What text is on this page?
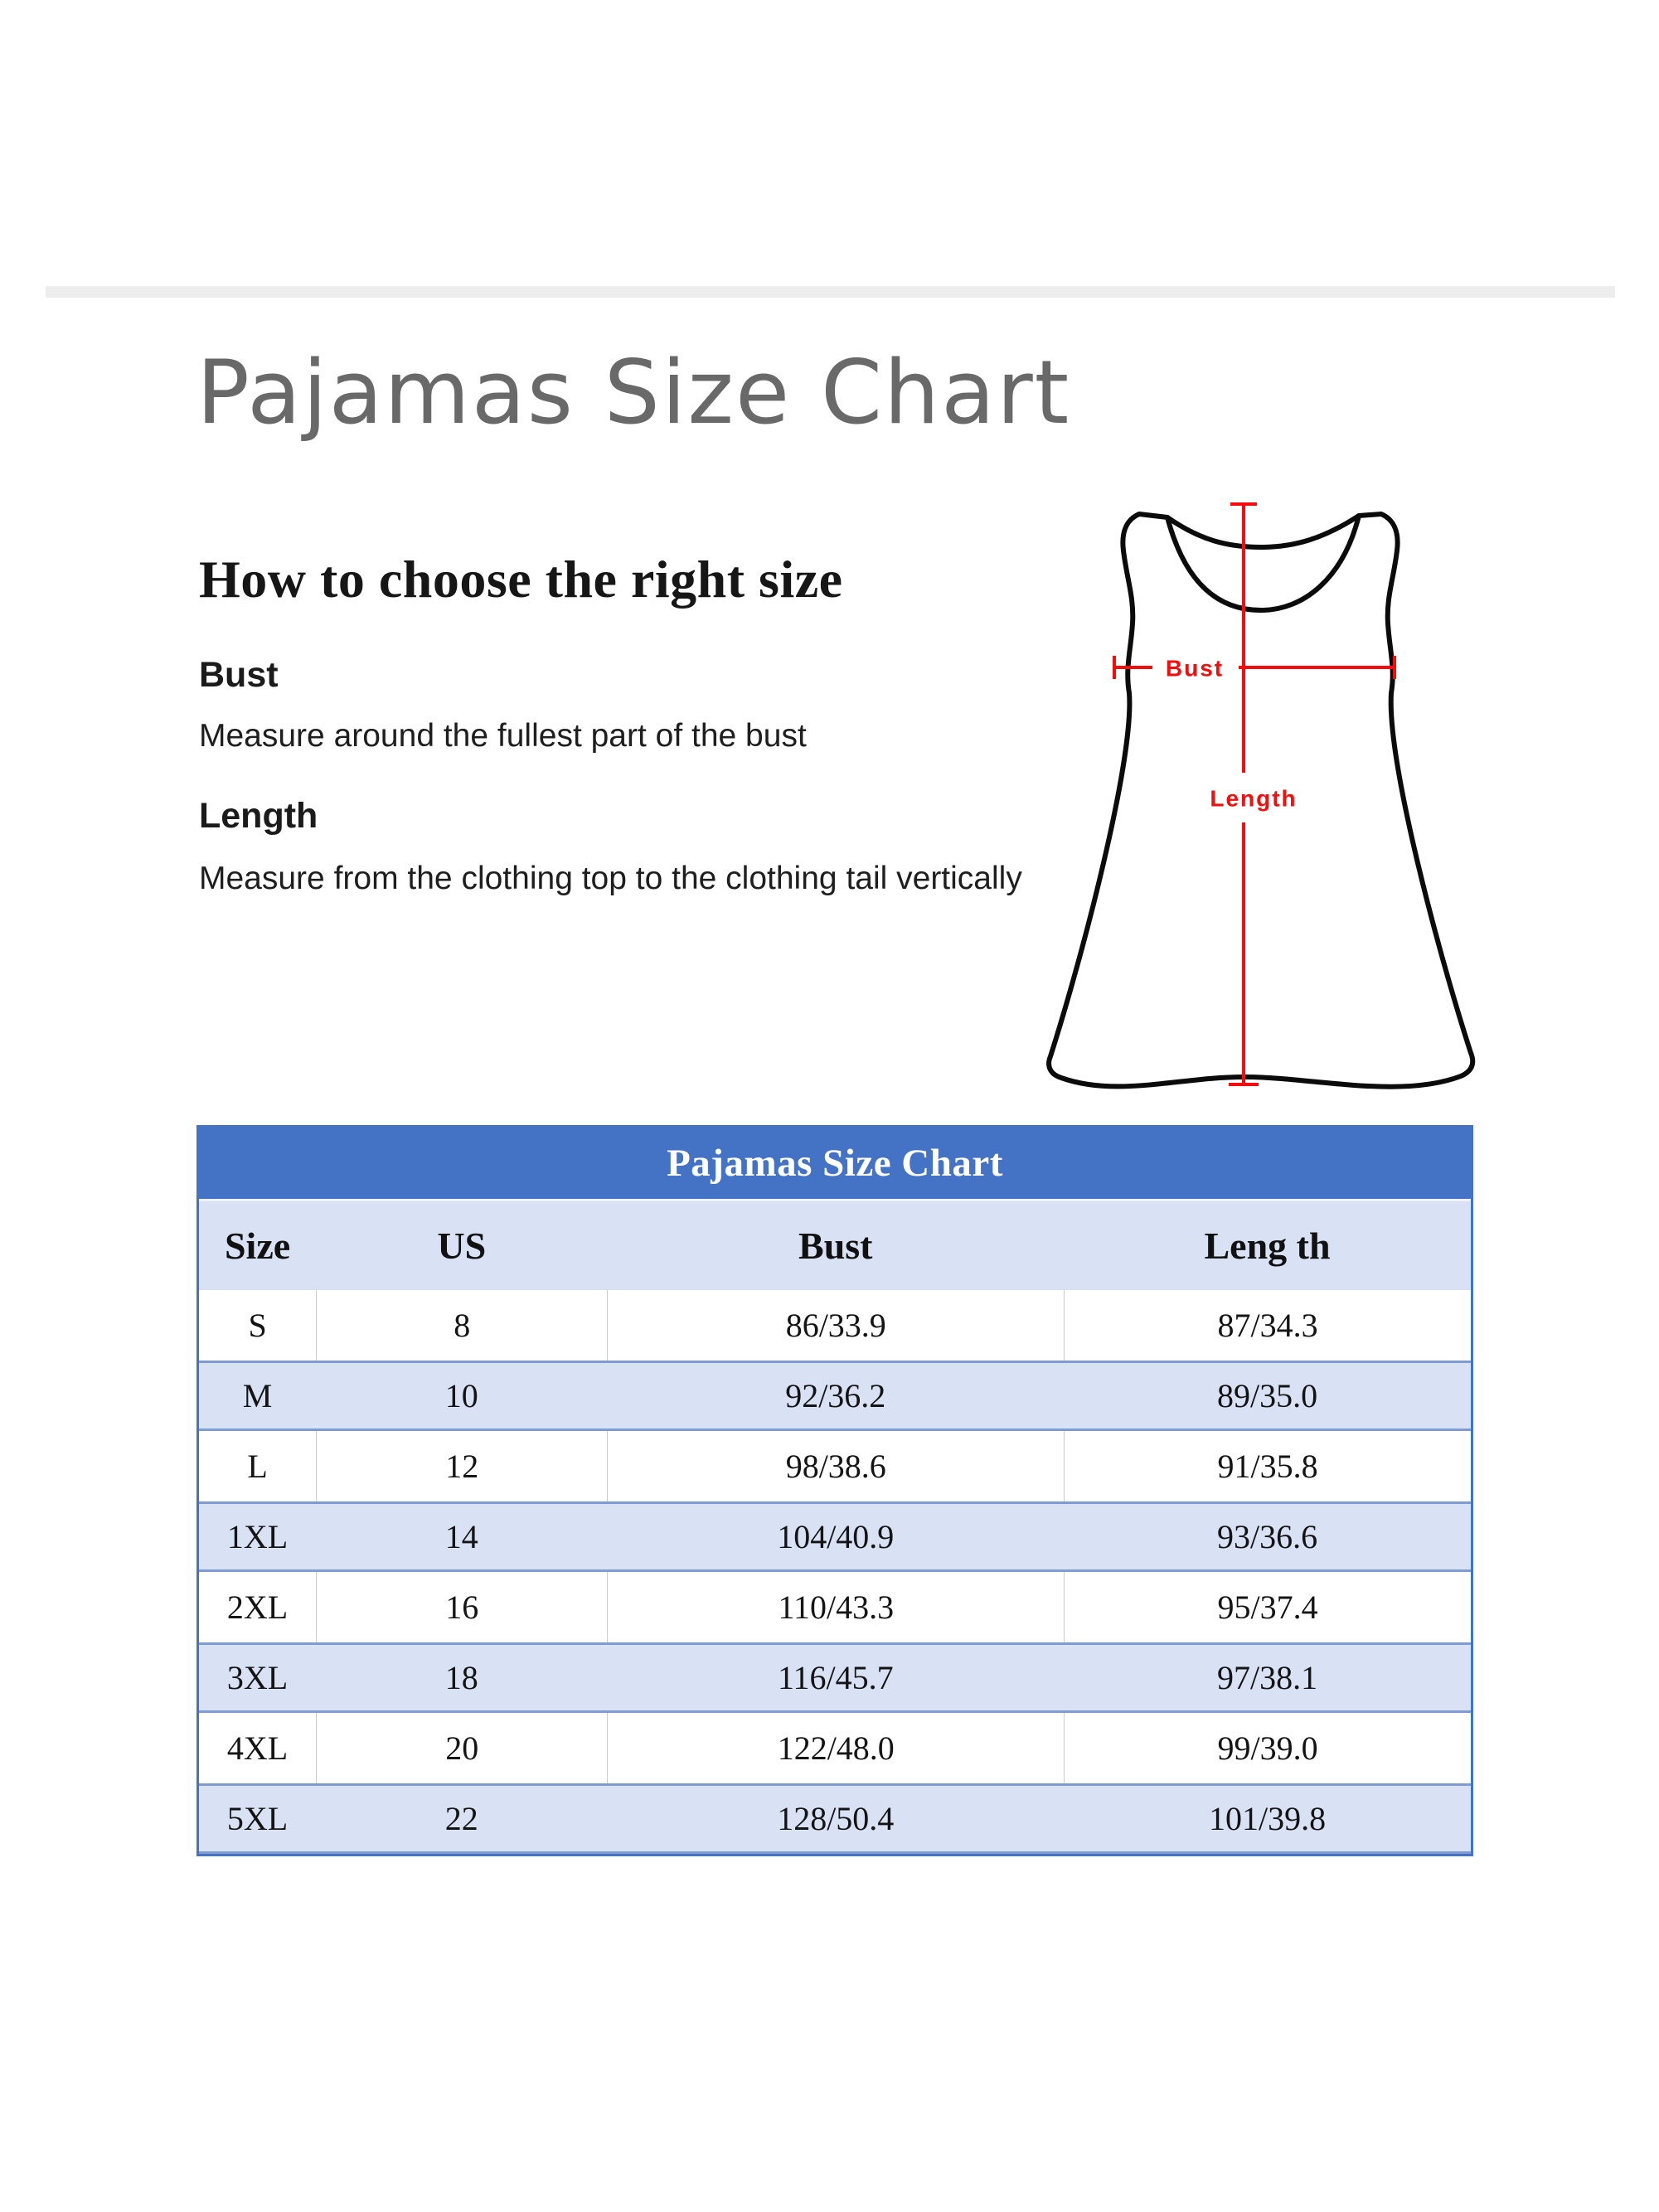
Pajamas Size Chart
How to choose the right size
Bust

Measure around the fullest part of the bust

Length

Measure from the clothing top to the clothing tail vertically

Bust
Length
Pajamas Size Chart
Size	US	Bust	Leng th
S	8	86/33.9	87/34.3
M	10	92/36.2	89/35.0
L	12	98/38.6	91/35.8
1XL	14	104/40.9	93/36.6
2XL	16	110/43.3	95/37.4
3XL	18	116/45.7	97/38.1
4XL	20	122/48.0	99/39.0
5XL	22	128/50.4	101/39.8
